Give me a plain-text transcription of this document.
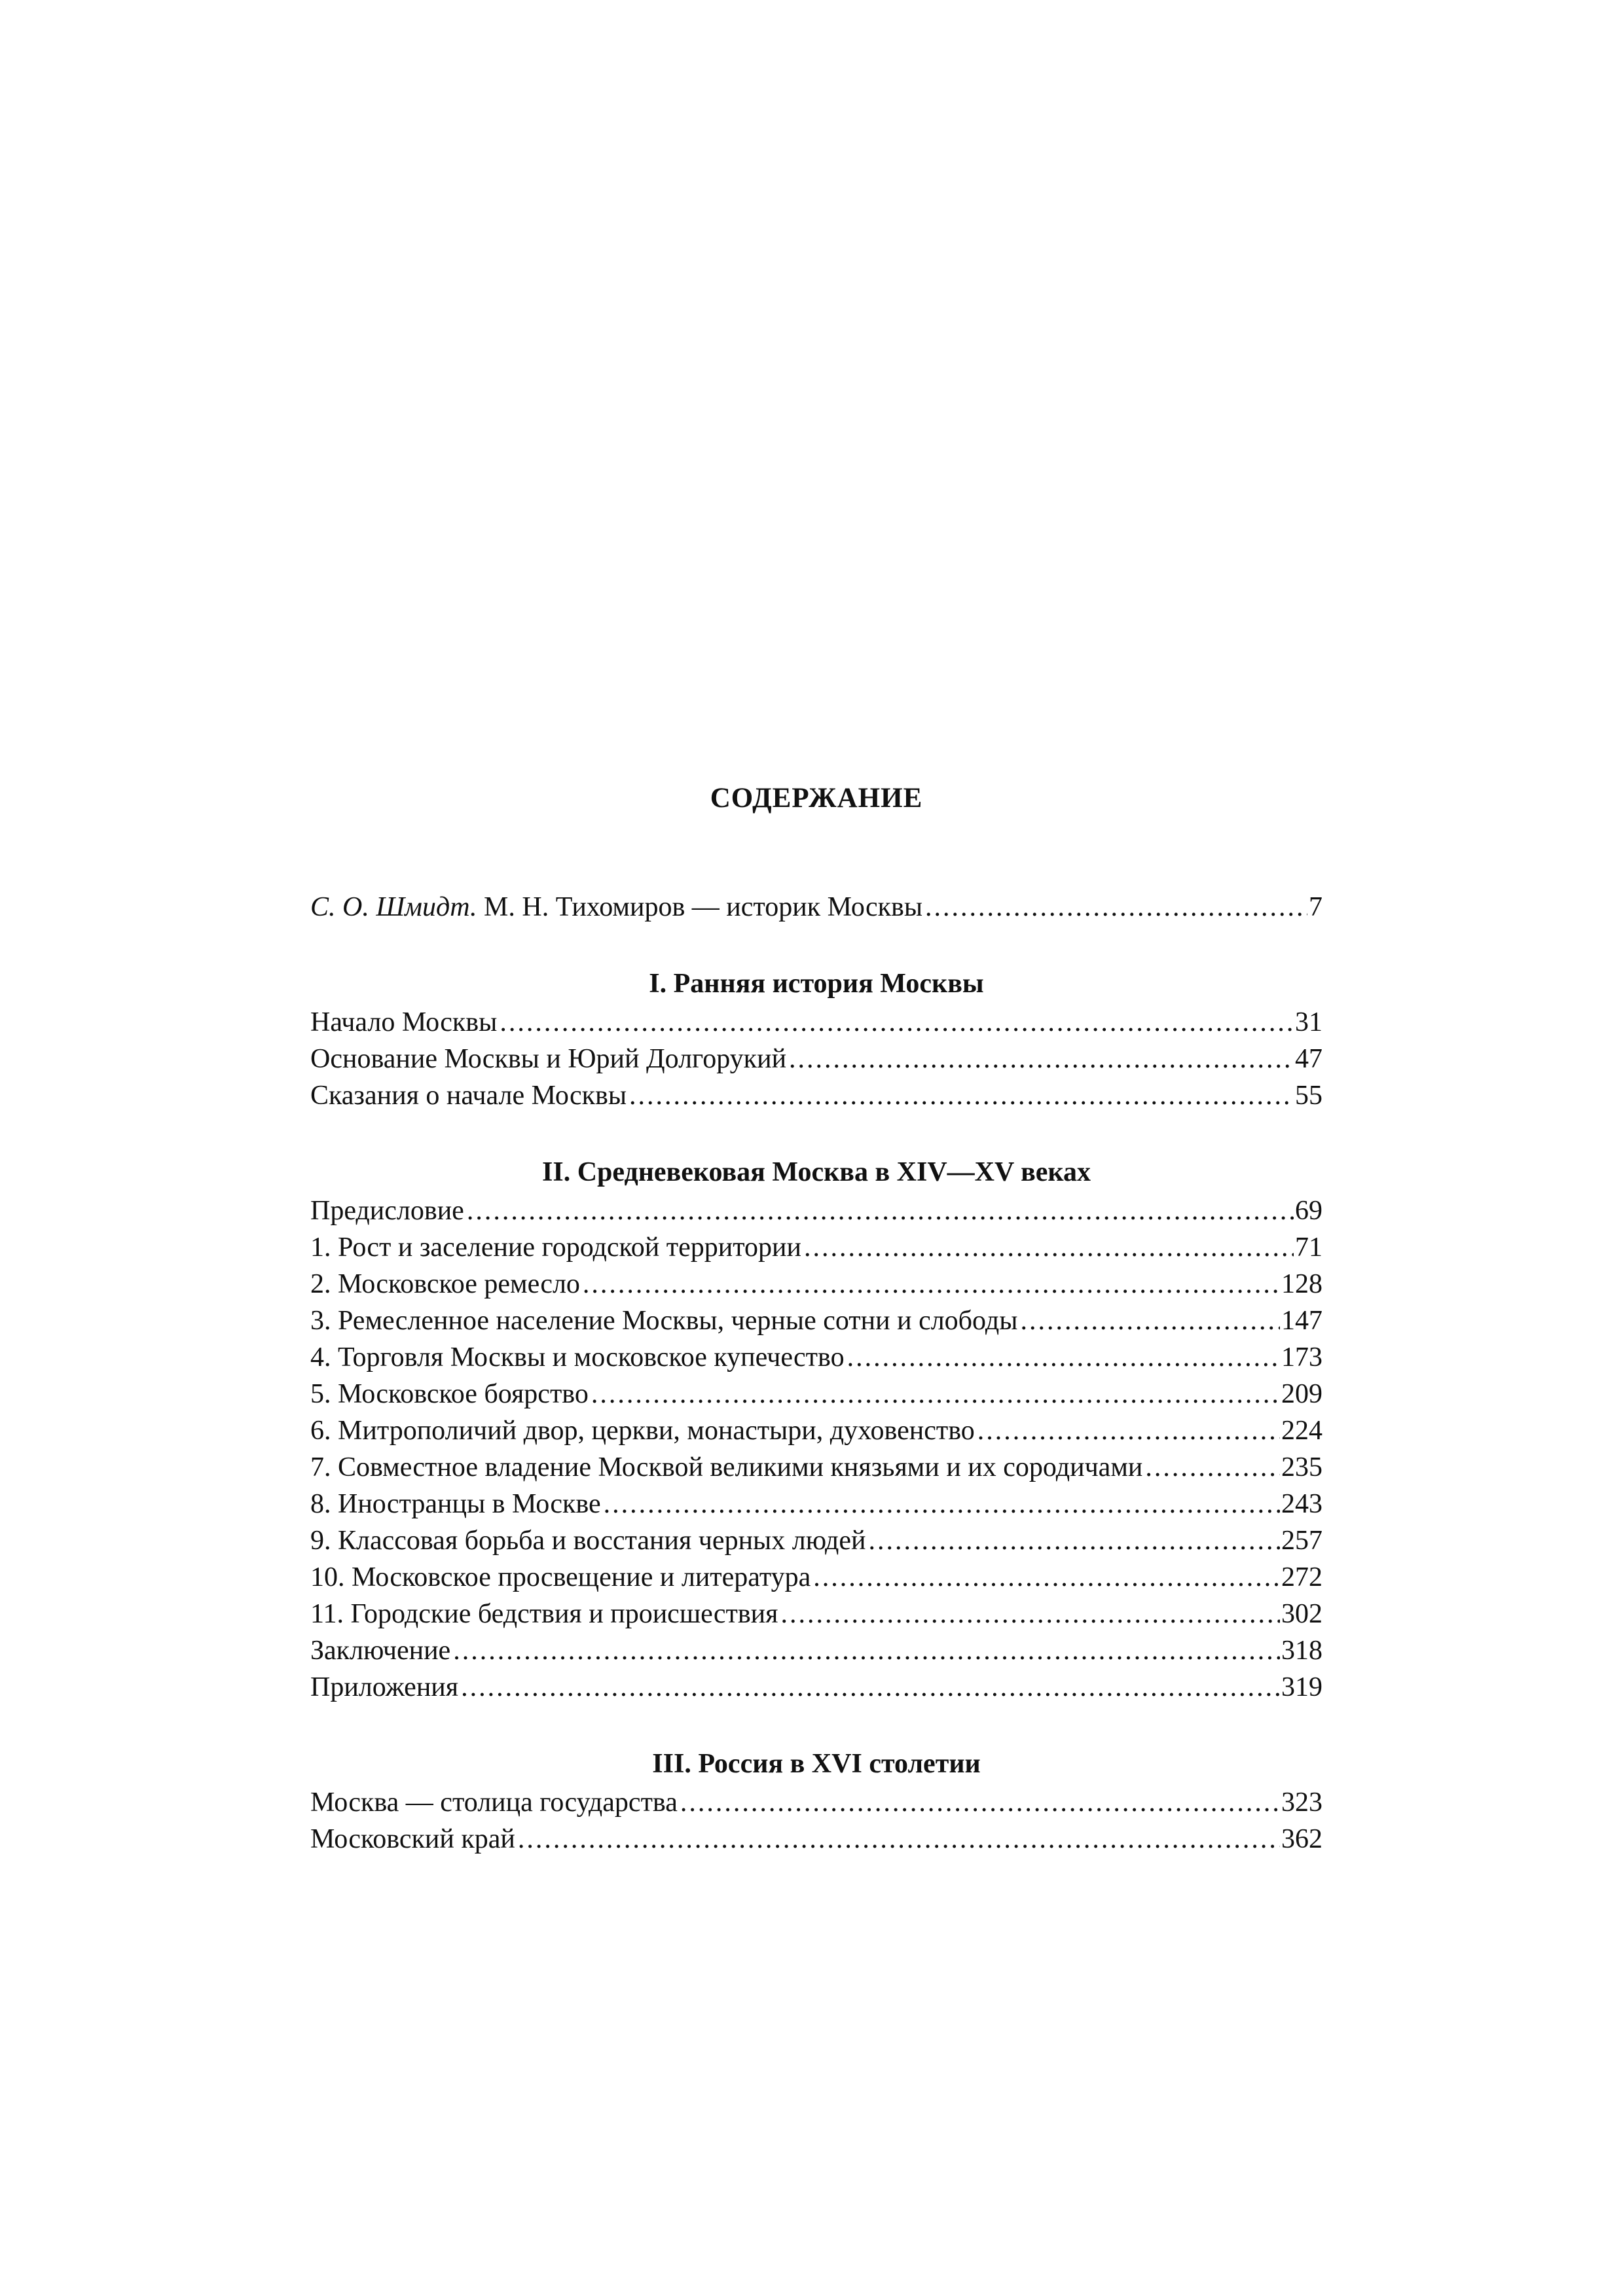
СОДЕРЖАНИЕ
С. О. Шмидт. М. Н. Тихомиров — историк Москвы .....	7
I. Ранняя история Москвы
Начало Москвы .....	31
Основание Москвы и Юрий Долгорукий .....	47
Сказания о начале Москвы .....	55
II. Средневековая Москва в XIV—XV веках
Предисловие .....	69
1. Рост и заселение городской территории .....	71
2. Московское ремесло .....	128
3. Ремесленное население Москвы, черные сотни и слободы .....	147
4. Торговля Москвы и московское купечество .....	173
5. Московское боярство .....	209
6. Митрополичий двор, церкви, монастыри, духовенство .....	224
7. Совместное владение Москвой великими князьями и их сородичами .....	235
8. Иностранцы в Москве .....	243
9. Классовая борьба и восстания черных людей .....	257
10. Московское просвещение и литература .....	272
11. Городские бедствия и происшествия .....	302
Заключение .....	318
Приложения .....	319
III. Россия в XVI столетии
Москва — столица государства .....	323
Московский край .....	362
